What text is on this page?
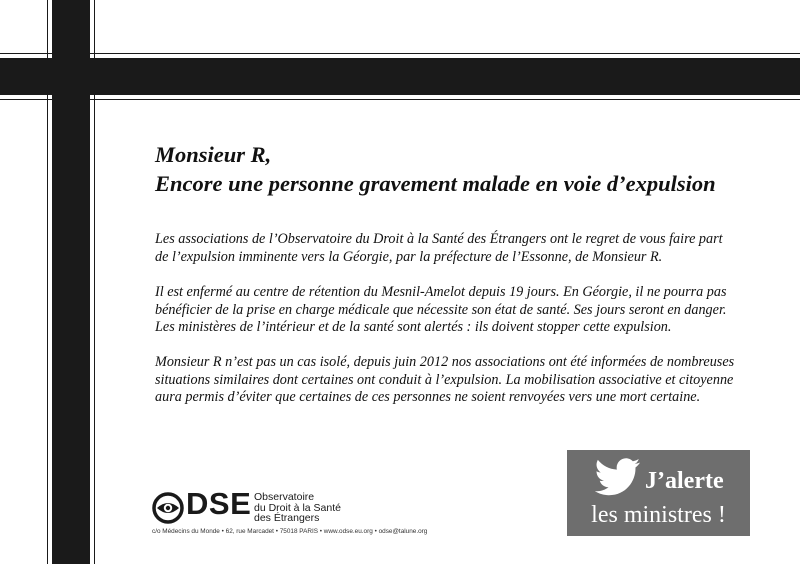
Monsieur R,
Encore une personne gravement malade en voie d’expulsion

Les associations de l’Observatoire du Droit à la Santé des Étrangers ont le regret de vous faire part
de l’expulsion imminente vers la Géorgie, par la préfecture de l’Essonne, de Monsieur R.

Il est enfermé au centre de rétention du Mesnil-Amelot depuis 19 jours. En Géorgie, il ne pourra pas
bénéficier de la prise en charge médicale que nécessite son état de santé. Ses jours seront en danger.
Les ministères de l’intérieur et de la santé sont alertés : ils doivent stopper cette expulsion.

Monsieur R n’est pas un cas isolé, depuis juin 2012 nos associations ont été informées de nombreuses
situations similaires dont certaines ont conduit à l’expulsion. La mobilisation associative et citoyenne
aura permis d’éviter que certaines de ces personnes ne soient renvoyées vers une mort certaine.

DSE Observatoire
du Droit à la Santé
des Étrangers
c/o Médecins du Monde • 62, rue Marcadet • 75018 PARIS • www.odse.eu.org • odse@talune.org
J’alerte
les ministres !
